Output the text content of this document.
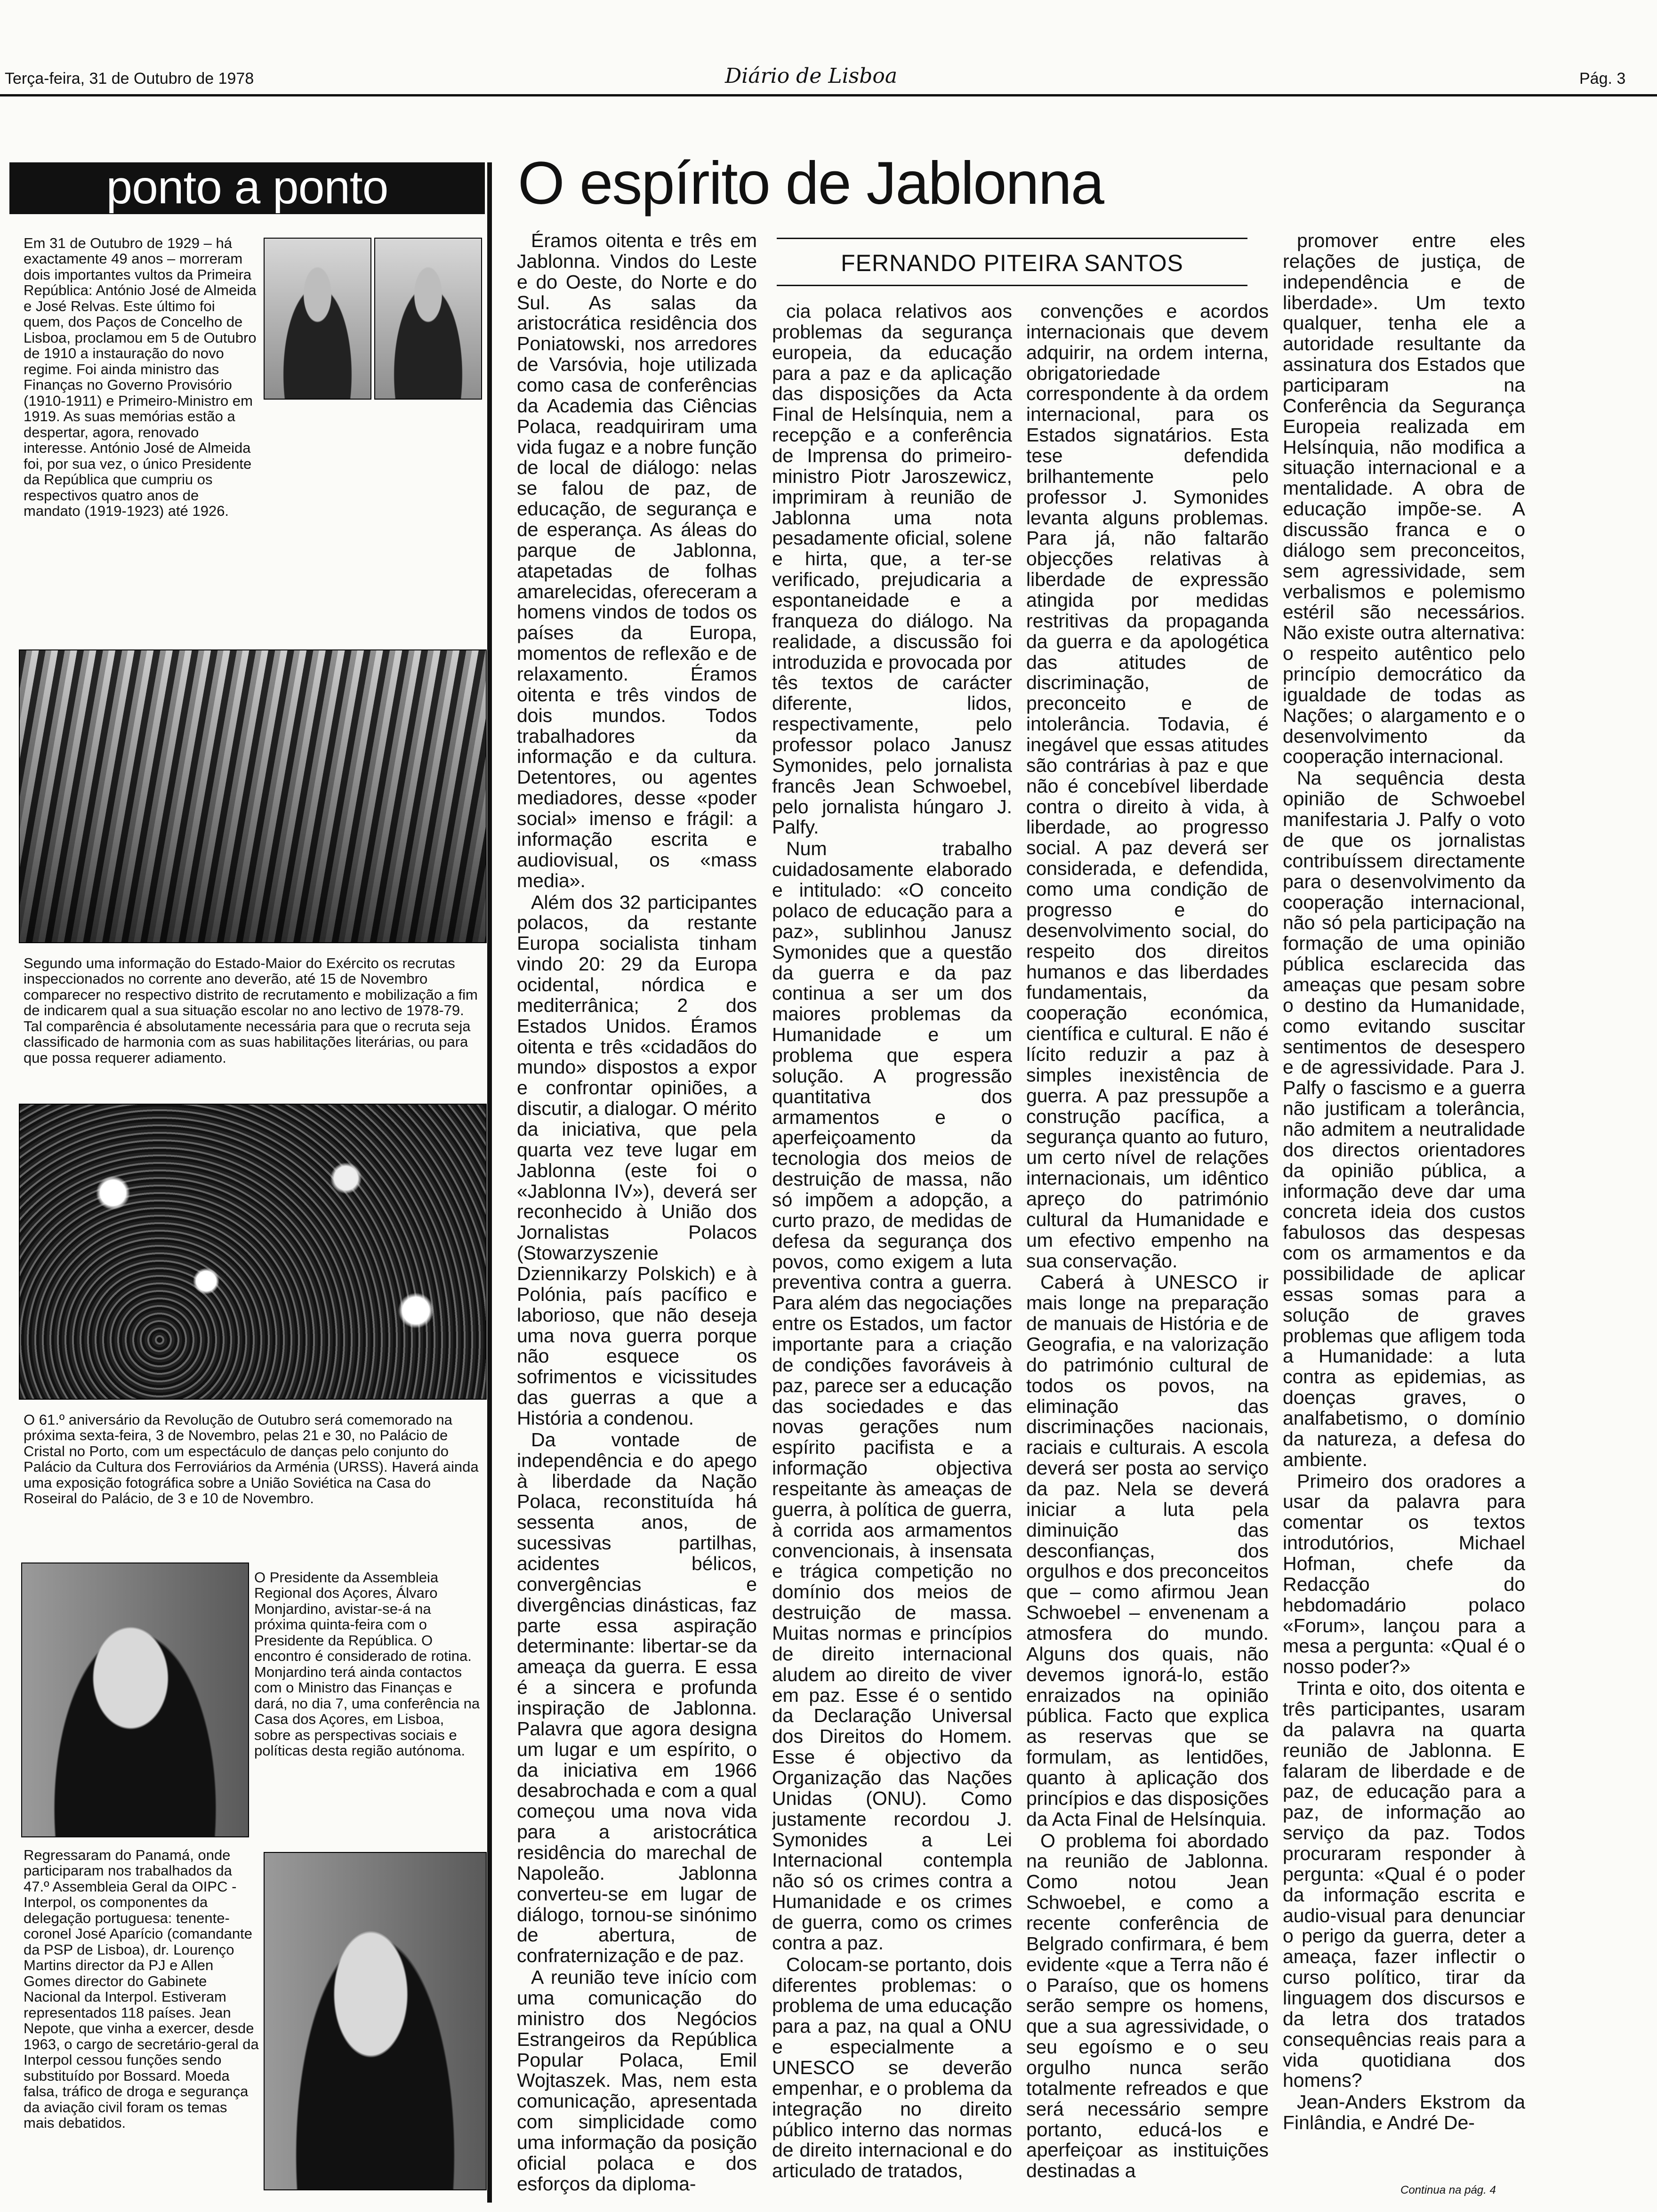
Terça-feira, 31 de Outubro de 1978	Diário de Lisboa	Pág. 3
ponto a ponto
Em 31 de Outubro de 1929 – há exactamente 49 anos – morreram dois importantes vultos da Primeira República: António José de Almeida e José Relvas. Este último foi quem, dos Paços de Concelho de Lisboa, proclamou em 5 de Outubro de 1910 a instauração do novo regime. Foi ainda ministro das Finanças no Governo Provisório (1910-1911) e Primeiro-Ministro em 1919. As suas memórias estão a despertar, agora, renovado interesse. António José de Almeida foi, por sua vez, o único Presidente da República que cumpriu os respectivos quatro anos de mandato (1919-1923) até 1926.
Segundo uma informação do Estado-Maior do Exército os recrutas inspeccionados no corrente ano deverão, até 15 de Novembro comparecer no respectivo distrito de recrutamento e mobilização a fim de indicarem qual a sua situação escolar no ano lectivo de 1978-79. Tal comparência é absolutamente necessária para que o recruta seja classificado de harmonia com as suas habilitações literárias, ou para que possa requerer adiamento.
O 61.º aniversário da Revolução de Outubro será comemorado na próxima sexta-feira, 3 de Novembro, pelas 21 e 30, no Palácio de Cristal no Porto, com um espectáculo de danças pelo conjunto do Palácio da Cultura dos Ferroviários da Arménia (URSS). Haverá ainda uma exposição fotográfica sobre a União Soviética na Casa do Roseiral do Palácio, de 3 e 10 de Novembro.
O Presidente da Assembleia Regional dos Açores, Álvaro Monjardino, avistar-se-á na próxima quinta-feira com o Presidente da República. O encontro é considerado de rotina. Monjardino terá ainda contactos com o Ministro das Finanças e dará, no dia 7, uma conferência na Casa dos Açores, em Lisboa, sobre as perspectivas sociais e políticas desta região autónoma.
Regressaram do Panamá, onde participaram nos trabalhados da 47.º Assembleia Geral da OIPC -Interpol, os componentes da delegação portuguesa: tenente-coronel José Aparício (comandante da PSP de Lisboa), dr. Lourenço Martins director da PJ e Allen Gomes director do Gabinete Nacional da Interpol. Estiveram representados 118 países. Jean Nepote, que vinha a exercer, desde 1963, o cargo de secretário-geral da Interpol cessou funções sendo substituído por Bossard. Moeda falsa, tráfico de droga e segurança da aviação civil foram os temas mais debatidos.
O espírito de Jablonna
FERNANDO PITEIRA SANTOS

Éramos oitenta e três em Jablonna. Vindos do Leste e do Oeste, do Norte e do Sul. As salas da aristocrática residência dos Poniatowski, nos arredores de Varsóvia, hoje utilizada como casa de conferências da Academia das Ciências Polaca, readquiriram uma vida fugaz e a nobre função de local de diálogo: nelas se falou de paz, de educação, de segurança e de esperança. As áleas do parque de Jablonna, atapetadas de folhas amarelecidas, ofereceram a homens vindos de todos os países da Europa, momentos de reflexão e de relaxamento. Éramos oitenta e três vindos de dois mundos. Todos trabalhadores da informação e da cultura. Detentores, ou agentes mediadores, desse «poder social» imenso e frágil: a informação escrita e audiovisual, os «mass media».

Além dos 32 participantes polacos, da restante Europa socialista tinham vindo 20: 29 da Europa ocidental, nórdica e mediterrânica; 2 dos Estados Unidos. Éramos oitenta e três «cidadãos do mundo» dispostos a expor e confrontar opiniões, a discutir, a dialogar. O mérito da iniciativa, que pela quarta vez teve lugar em Jablonna (este foi o «Jablonna IV»), deverá ser reconhecido à União dos Jornalistas Polacos (Stowarzyszenie Dziennikarzy Polskich) e à Polónia, país pacífico e laborioso, que não deseja uma nova guerra porque não esquece os sofrimentos e vicissitudes das guerras a que a História a condenou.

Da vontade de independência e do apego à liberdade da Nação Polaca, reconstituída há sessenta anos, de sucessivas partilhas, acidentes bélicos, convergências e divergências dinásticas, faz parte essa aspiração determinante: libertar-se da ameaça da guerra. E essa é a sincera e profunda inspiração de Jablonna. Palavra que agora designa um lugar e um espírito, o da iniciativa em 1966 desabrochada e com a qual começou uma nova vida para a aristocrática residência do marechal de Napoleão. Jablonna converteu-se em lugar de diálogo, tornou-se sinónimo de abertura, de confraternização e de paz.

A reunião teve início com uma comunicação do ministro dos Negócios Estrangeiros da República Popular Polaca, Emil Wojtaszek. Mas, nem esta comunicação, apresentada com simplicidade como uma informação da posição oficial polaca e dos esforços da diploma-

cia polaca relativos aos problemas da segurança europeia, da educação para a paz e da aplicação das disposições da Acta Final de Helsínquia, nem a recepção e a conferência de Imprensa do primeiro-ministro Piotr Jaroszewicz, imprimiram à reunião de Jablonna uma nota pesadamente oficial, solene e hirta, que, a ter-se verificado, prejudicaria a espontaneidade e a franqueza do diálogo. Na realidade, a discussão foi introduzida e provocada por tês textos de carácter diferente, lidos, respectivamente, pelo professor polaco Janusz Symonides, pelo jornalista francês Jean Schwoebel, pelo jornalista húngaro J. Palfy.

Num trabalho cuidadosamente elaborado e intitulado: «O conceito polaco de educação para a paz», sublinhou Janusz Symonides que a questão da guerra e da paz continua a ser um dos maiores problemas da Humanidade e um problema que espera solução. A progressão quantitativa dos armamentos e o aperfeiçoamento da tecnologia dos meios de destruição de massa, não só impõem a adopção, a curto prazo, de medidas de defesa da segurança dos povos, como exigem a luta preventiva contra a guerra. Para além das negociações entre os Estados, um factor importante para a criação de condições favoráveis à paz, parece ser a educação das sociedades e das novas gerações num espírito pacifista e a informação objectiva respeitante às ameaças de guerra, à política de guerra, à corrida aos armamentos convencionais, à insensata e trágica competição no domínio dos meios de destruição de massa. Muitas normas e princípios de direito internacional aludem ao direito de viver em paz. Esse é o sentido da Declaração Universal dos Direitos do Homem. Esse é objectivo da Organização das Nações Unidas (ONU). Como justamente recordou J. Symonides a Lei Internacional contempla não só os crimes contra a Humanidade e os crimes de guerra, como os crimes contra a paz.

Colocam-se portanto, dois diferentes problemas: o problema de uma educação para a paz, na qual a ONU e especialmente a UNESCO se deverão empenhar, e o problema da integração no direito público interno das normas de direito internacional e do articulado de tratados,

convenções e acordos internacionais que devem adquirir, na ordem interna, obrigatoriedade correspondente à da ordem internacional, para os Estados signatários. Esta tese defendida brilhantemente pelo professor J. Symonides levanta alguns problemas. Para já, não faltarão objecções relativas à liberdade de expressão atingida por medidas restritivas da propaganda da guerra e da apologética das atitudes de discriminação, de preconceito e de intolerância. Todavia, é inegável que essas atitudes são contrárias à paz e que não é concebível liberdade contra o direito à vida, à liberdade, ao progresso social. A paz deverá ser considerada, e defendida, como uma condição de progresso e do desenvolvimento social, do respeito dos direitos humanos e das liberdades fundamentais, da cooperação económica, científica e cultural. E não é lícito reduzir a paz à simples inexistência de guerra. A paz pressupõe a construção pacífica, a segurança quanto ao futuro, um certo nível de relações internacionais, um idêntico apreço do património cultural da Humanidade e um efectivo empenho na sua conservação.

Caberá à UNESCO ir mais longe na preparação de manuais de História e de Geografia, e na valorização do património cultural de todos os povos, na eliminação das discriminações nacionais, raciais e culturais. A escola deverá ser posta ao serviço da paz. Nela se deverá iniciar a luta pela diminuição das desconfianças, dos orgulhos e dos preconceitos que – como afirmou Jean Schwoebel – envenenam a atmosfera do mundo. Alguns dos quais, não devemos ignorá-lo, estão enraizados na opinião pública. Facto que explica as reservas que se formulam, as lentidões, quanto à aplicação dos princípios e das disposições da Acta Final de Helsínquia.

O problema foi abordado na reunião de Jablonna. Como notou Jean Schwoebel, e como a recente conferência de Belgrado confirmara, é bem evidente «que a Terra não é o Paraíso, que os homens serão sempre os homens, que a sua agressividade, o seu egoísmo e o seu orgulho nunca serão totalmente refreados e que será necessário sempre portanto, educá-los e aperfeiçoar as instituições destinadas a

promover entre eles relações de justiça, de independência e de liberdade». Um texto qualquer, tenha ele a autoridade resultante da assinatura dos Estados que participaram na Conferência da Segurança Europeia realizada em Helsínquia, não modifica a situação internacional e a mentalidade. A obra de educação impõe-se. A discussão franca e o diálogo sem preconceitos, sem agressividade, sem verbalismos e polemismo estéril são necessários. Não existe outra alternativa: o respeito autêntico pelo princípio democrático da igualdade de todas as Nações; o alargamento e o desenvolvimento da cooperação internacional.

Na sequência desta opinião de Schwoebel manifestaria J. Palfy o voto de que os jornalistas contribuíssem directamente para o desenvolvimento da cooperação internacional, não só pela participação na formação de uma opinião pública esclarecida das ameaças que pesam sobre o destino da Humanidade, como evitando suscitar sentimentos de desespero e de agressividade. Para J. Palfy o fascismo e a guerra não justificam a tolerância, não admitem a neutralidade dos directos orientadores da opinião pública, a informação deve dar uma concreta ideia dos custos fabulosos das despesas com os armamentos e da possibilidade de aplicar essas somas para a solução de graves problemas que afligem toda a Humanidade: a luta contra as epidemias, as doenças graves, o analfabetismo, o domínio da natureza, a defesa do ambiente.

Primeiro dos oradores a usar da palavra para comentar os textos introdutórios, Michael Hofman, chefe da Redacção do hebdomadário polaco «Forum», lançou para a mesa a pergunta: «Qual é o nosso poder?»

Trinta e oito, dos oitenta e três participantes, usaram da palavra na quarta reunião de Jablonna. E falaram de liberdade e de paz, de educação para a paz, de informação ao serviço da paz. Todos procuraram responder à pergunta: «Qual é o poder da informação escrita e audio-visual para denunciar o perigo da guerra, deter a ameaça, fazer inflectir o curso político, tirar da linguagem dos discursos e da letra dos tratados consequências reais para a vida quotidiana dos homens?

Jean-Anders Ekstrom da Finlândia, e André De-

Continua na pág. 4
